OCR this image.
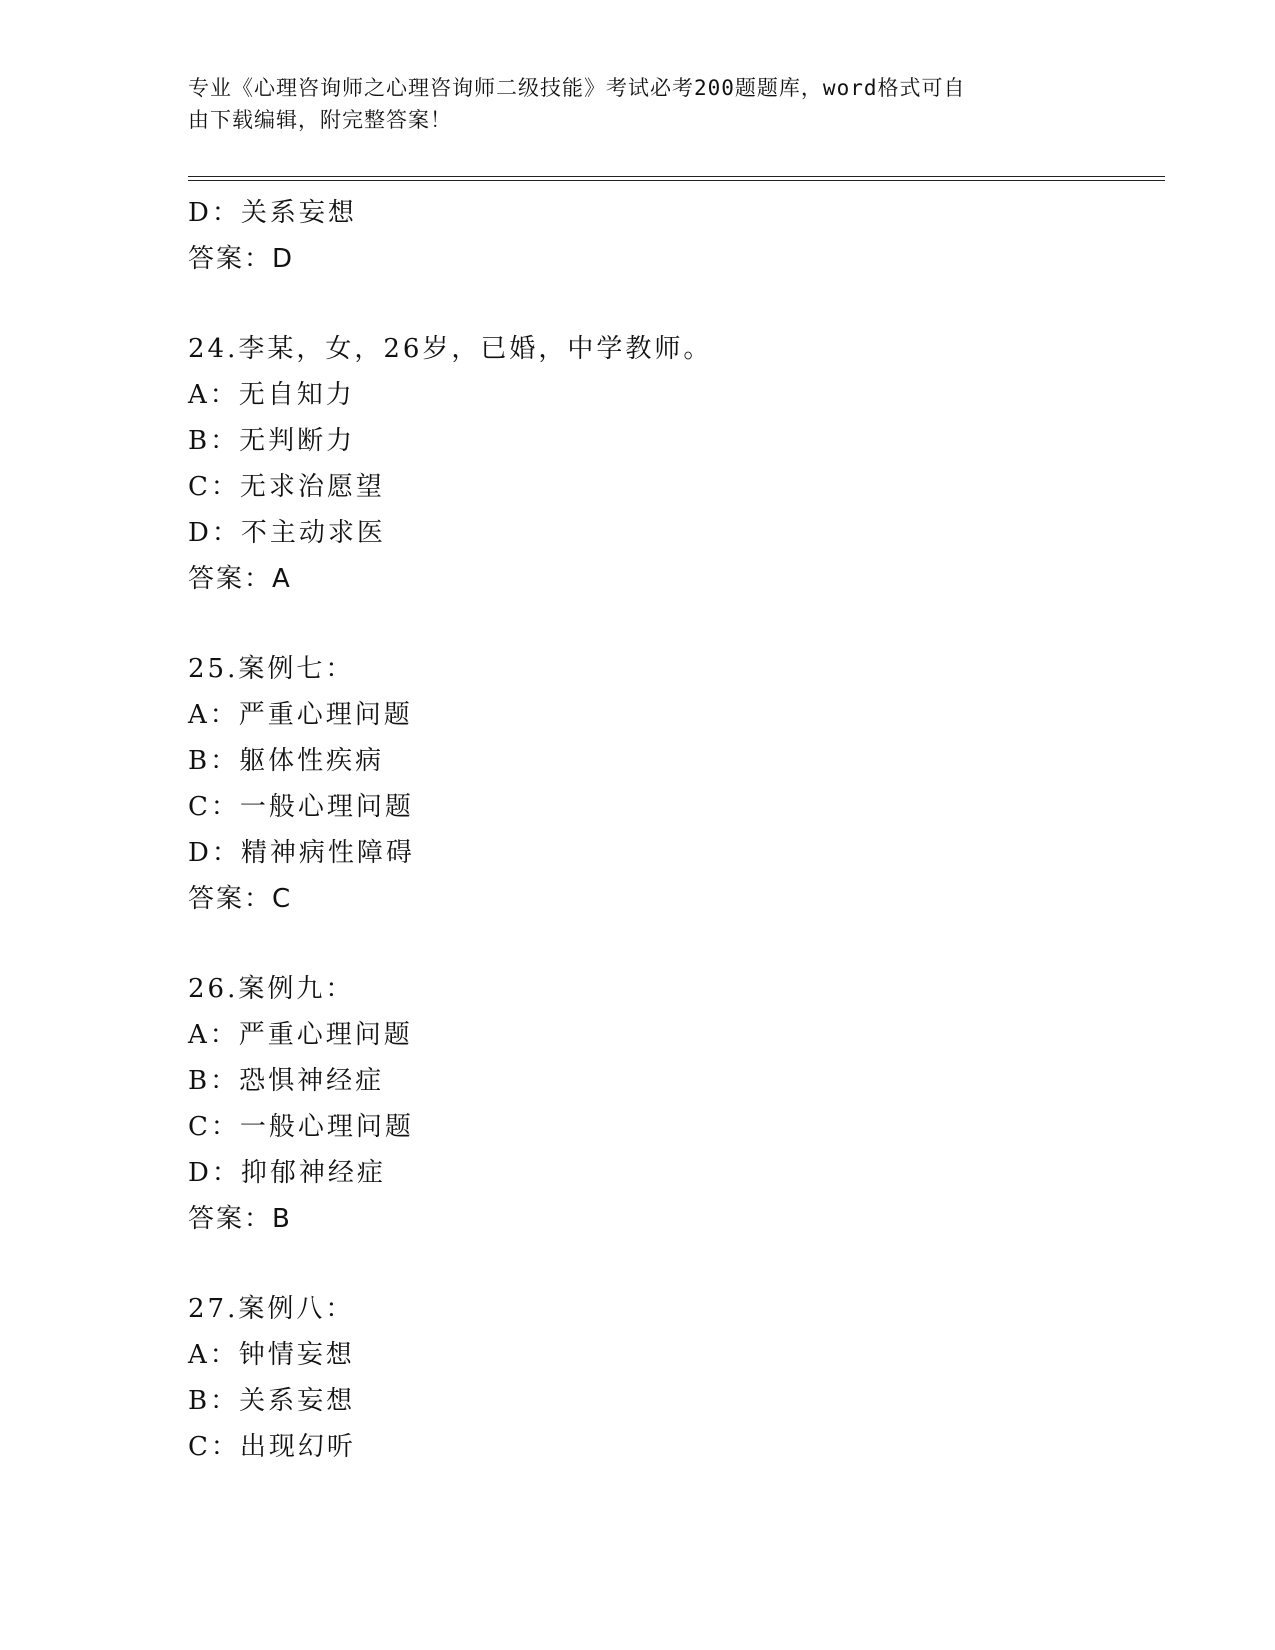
专业《心理咨询师之心理咨询师二级技能》考试必考200题题库，word格式可自
由下载编辑，附完整答案！
D：关系妄想
答案：D
24.李某，女，26岁，已婚，中学教师。
A：无自知力
B：无判断力
C：无求治愿望
D：不主动求医
答案：A
25.案例七：
A：严重心理问题
B：躯体性疾病
C：一般心理问题
D：精神病性障碍
答案：C
26.案例九：
A：严重心理问题
B：恐惧神经症
C：一般心理问题
D：抑郁神经症
答案：B
27.案例八：
A：钟情妄想
B：关系妄想
C：出现幻听
